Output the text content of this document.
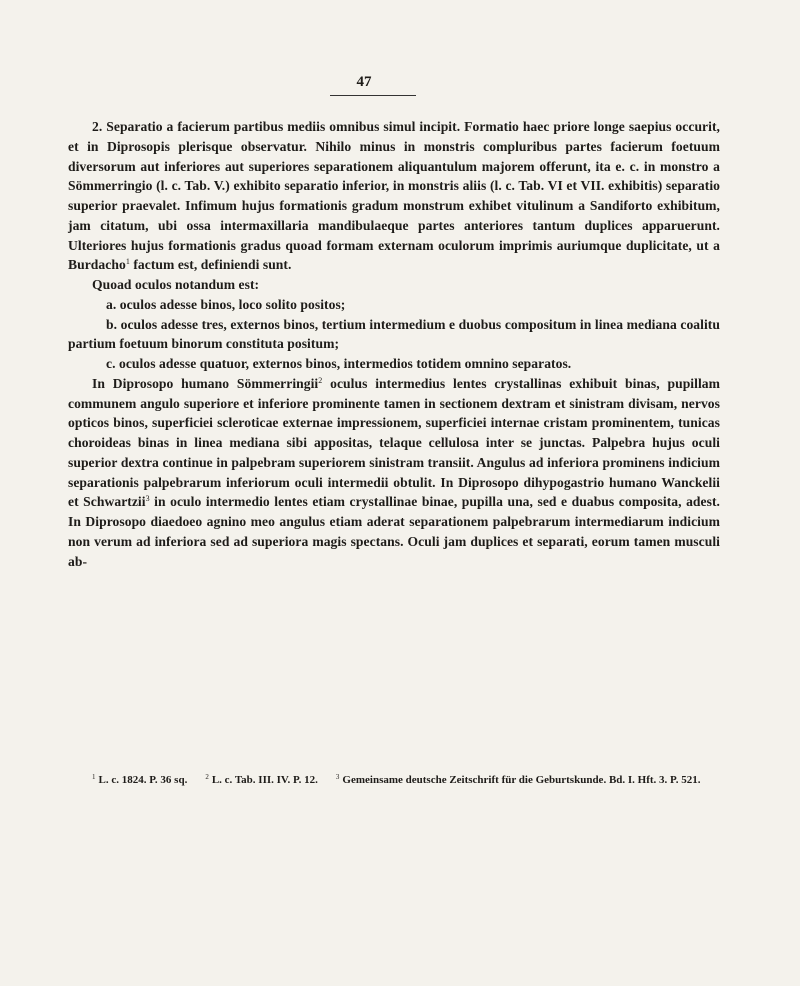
47

2. Separatio a facierum partibus mediis omnibus simul incipit. Formatio haec priore longe saepius occurit, et in Diprosopis plerisque observatur. Nihilo minus in monstris compluribus partes facierum foetuum diversorum aut inferiores aut superiores separationem aliquantulum majorem offerunt, ita e. c. in monstro a Sömmerringio (l. c. Tab. V.) exhibito separatio inferior, in monstris aliis (l. c. Tab. VI et VII. exhibitis) separatio superior praevalet. Infimum hujus formationis gradum monstrum exhibet vitulinum a Sandiforto exhibitum, jam citatum, ubi ossa intermaxillaria mandibulaeque partes anteriores tantum duplices apparuerunt. Ulteriores hujus formationis gradus quoad formam externam oculorum imprimis auriumque duplicitate, ut a Burdacho$^1$ factum est, definiendi sunt.

Quoad oculos notandum est:

a. oculos adesse binos, loco solito positos;

b. oculos adesse tres, externos binos, tertium intermedium e duobus compositum in linea mediana coalitu partium foetuum binorum constituta positum;

c. oculos adesse quatuor, externos binos, intermedios totidem omnino separatos.

In Diprosopo humano Sömmerringii$^2$ oculus intermedius lentes crystallinas exhibuit binas, pupillam communem angulo superiore et inferiore prominente tamen in sectionem dextram et sinistram divisam, nervos opticos binos, superficiei scleroticae externae impressionem, superficiei internae cristam prominentem, tunicas choroideas binas in linea mediana sibi appositas, telaque cellulosa inter se junctas. Palpebra hujus oculi superior dextra continue in palpebram superiorem sinistram transiit. Angulus ad inferiora prominens indicium separationis palpebrarum inferiorum oculi intermedii obtulit. In Diprosopo dihypogastrio humano Wanckelii et Schwartzii$^3$ in oculo intermedio lentes etiam crystallinae binae, pupilla una, sed e duabus composita, adest. In Diprosopo diaedoeo agnino meo angulus etiam aderat separationem palpebrarum intermediarum indicium non verum ad inferiora sed ad superiora magis spectans. Oculi jam duplices et separati, eorum tamen musculi ab-

$^1$ L. c. 1824. P. 36 sq.	$^2$ L. c. Tab. III. IV. P. 12.	$^3$ Gemeinsame deutsche Zeitschrift für die Geburtskunde. Bd. I. Hft. 3. P. 521.
